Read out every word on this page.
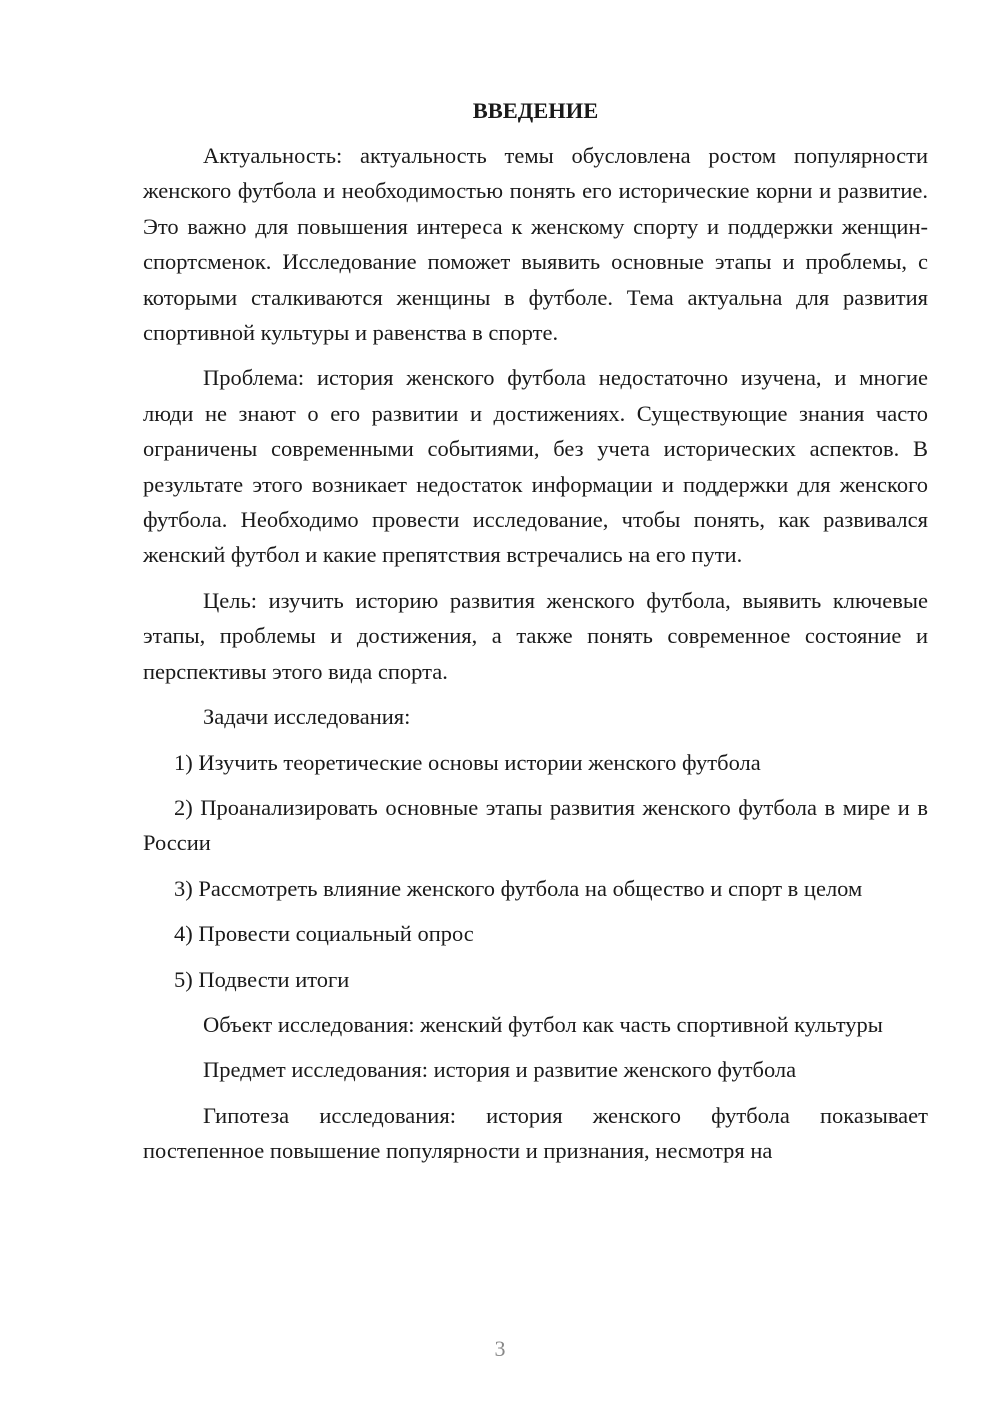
ВВЕДЕНИЕ

Актуальность: актуальность темы обусловлена ростом популярности женского футбола и необходимостью понять его исторические корни и развитие. Это важно для повышения интереса к женскому спорту и поддержки женщин-спортсменок. Исследование поможет выявить основные этапы и проблемы, с которыми сталкиваются женщины в футболе. Тема актуальна для развития спортивной культуры и равенства в спорте.

Проблема: история женского футбола недостаточно изучена, и многие люди не знают о его развитии и достижениях. Существующие знания часто ограничены современными событиями, без учета исторических аспектов. В результате этого возникает недостаток информации и поддержки для женского футбола. Необходимо провести исследование, чтобы понять, как развивался женский футбол и какие препятствия встречались на его пути.

Цель: изучить историю развития женского футбола, выявить ключевые этапы, проблемы и достижения, а также понять современное состояние и перспективы этого вида спорта.

Задачи исследования:

1) Изучить теоретические основы истории женского футбола

2) Проанализировать основные этапы развития женского футбола в мире и в России

3) Рассмотреть влияние женского футбола на общество и спорт в целом

4) Провести социальный опрос

5) Подвести итоги

Объект исследования: женский футбол как часть спортивной культуры

Предмет исследования: история и развитие женского футбола

Гипотеза исследования: история женского футбола показывает постепенное повышение популярности и признания, несмотря на

3
